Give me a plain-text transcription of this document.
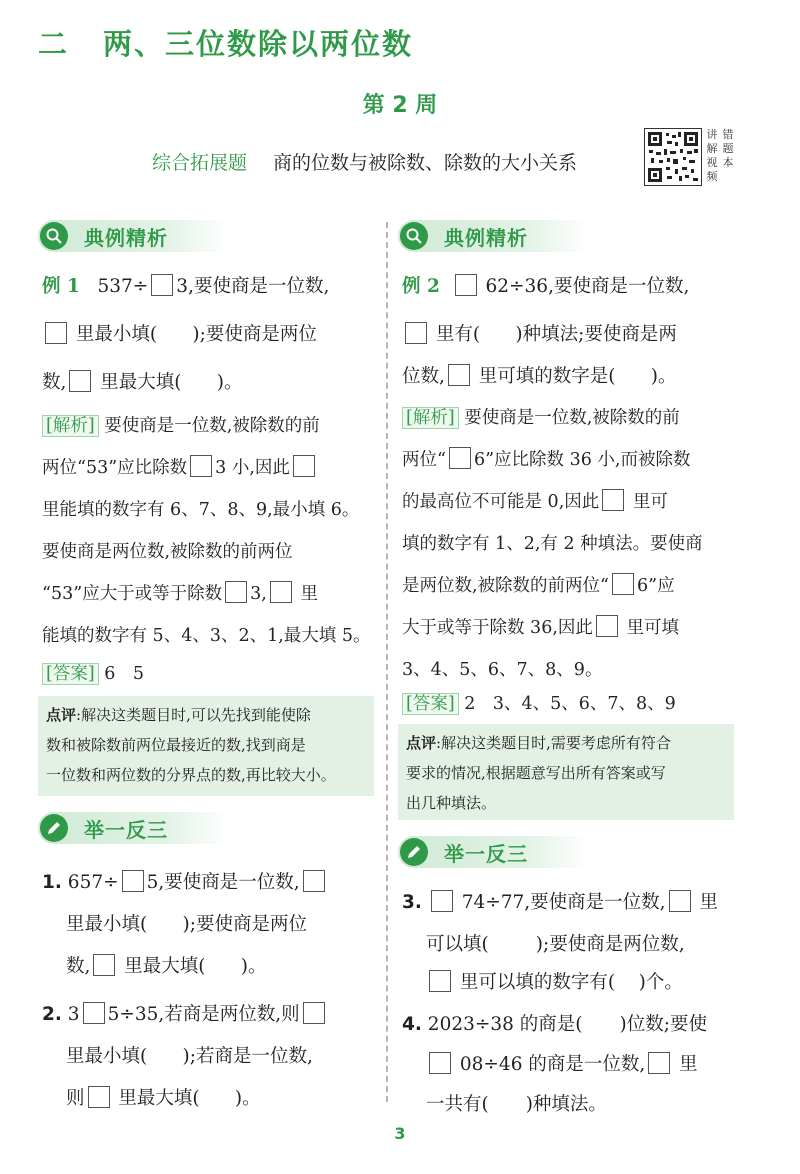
二 两、三位数除以两位数
第 2 周
综合拓展题 商的位数与被除数、除数的大小关系
讲 错
解 题
视 本
频
典例精析
例 1 537÷ 3,要使商是一位数,
里最小填( );要使商是两位
数, 里最大填( )。
[解析] 要使商是一位数,被除数的前
两位“53”应比除数 3 小,因此
里能填的数字有 6、7、8、9,最小填 6。
要使商是两位数,被除数的前两位
“53”应大于或等于除数 3, 里
能填的数字有 5、4、3、2、1,最大填 5。
[答案] 6　5
点评:解决这类题目时,可以先找到能使除
数和被除数前两位最接近的数,找到商是
一位数和两位数的分界点的数,再比较大小。
举一反三
1. 657÷ 5,要使商是一位数,
里最小填( );要使商是两位
数, 里最大填( )。
2. 3 5÷35,若商是两位数,则
里最小填( );若商是一位数,
则 里最大填( )。
典例精析
例 2 62÷36,要使商是一位数,
里有( )种填法;要使商是两
位数, 里可填的数字是( )。
[解析] 要使商是一位数,被除数的前
两位“ 6”应比除数 36 小,而被除数
的最高位不可能是 0,因此 里可
填的数字有 1、2,有 2 种填法。要使商
是两位数,被除数的前两位“ 6”应
大于或等于除数 36,因此 里可填
3、4、5、6、7、8、9。
[答案] 2　3、4、5、6、7、8、9
点评:解决这类题目时,需要考虑所有符合
要求的情况,根据题意写出所有答案或写
出几种填法。
举一反三
3. 74÷77,要使商是一位数, 里
可以填(	);要使商是两位数,
里可以填的数字有( )个。
4. 2023÷38 的商是(　　)位数;要使
08÷46 的商是一位数, 里
一共有(　　)种填法。
3
